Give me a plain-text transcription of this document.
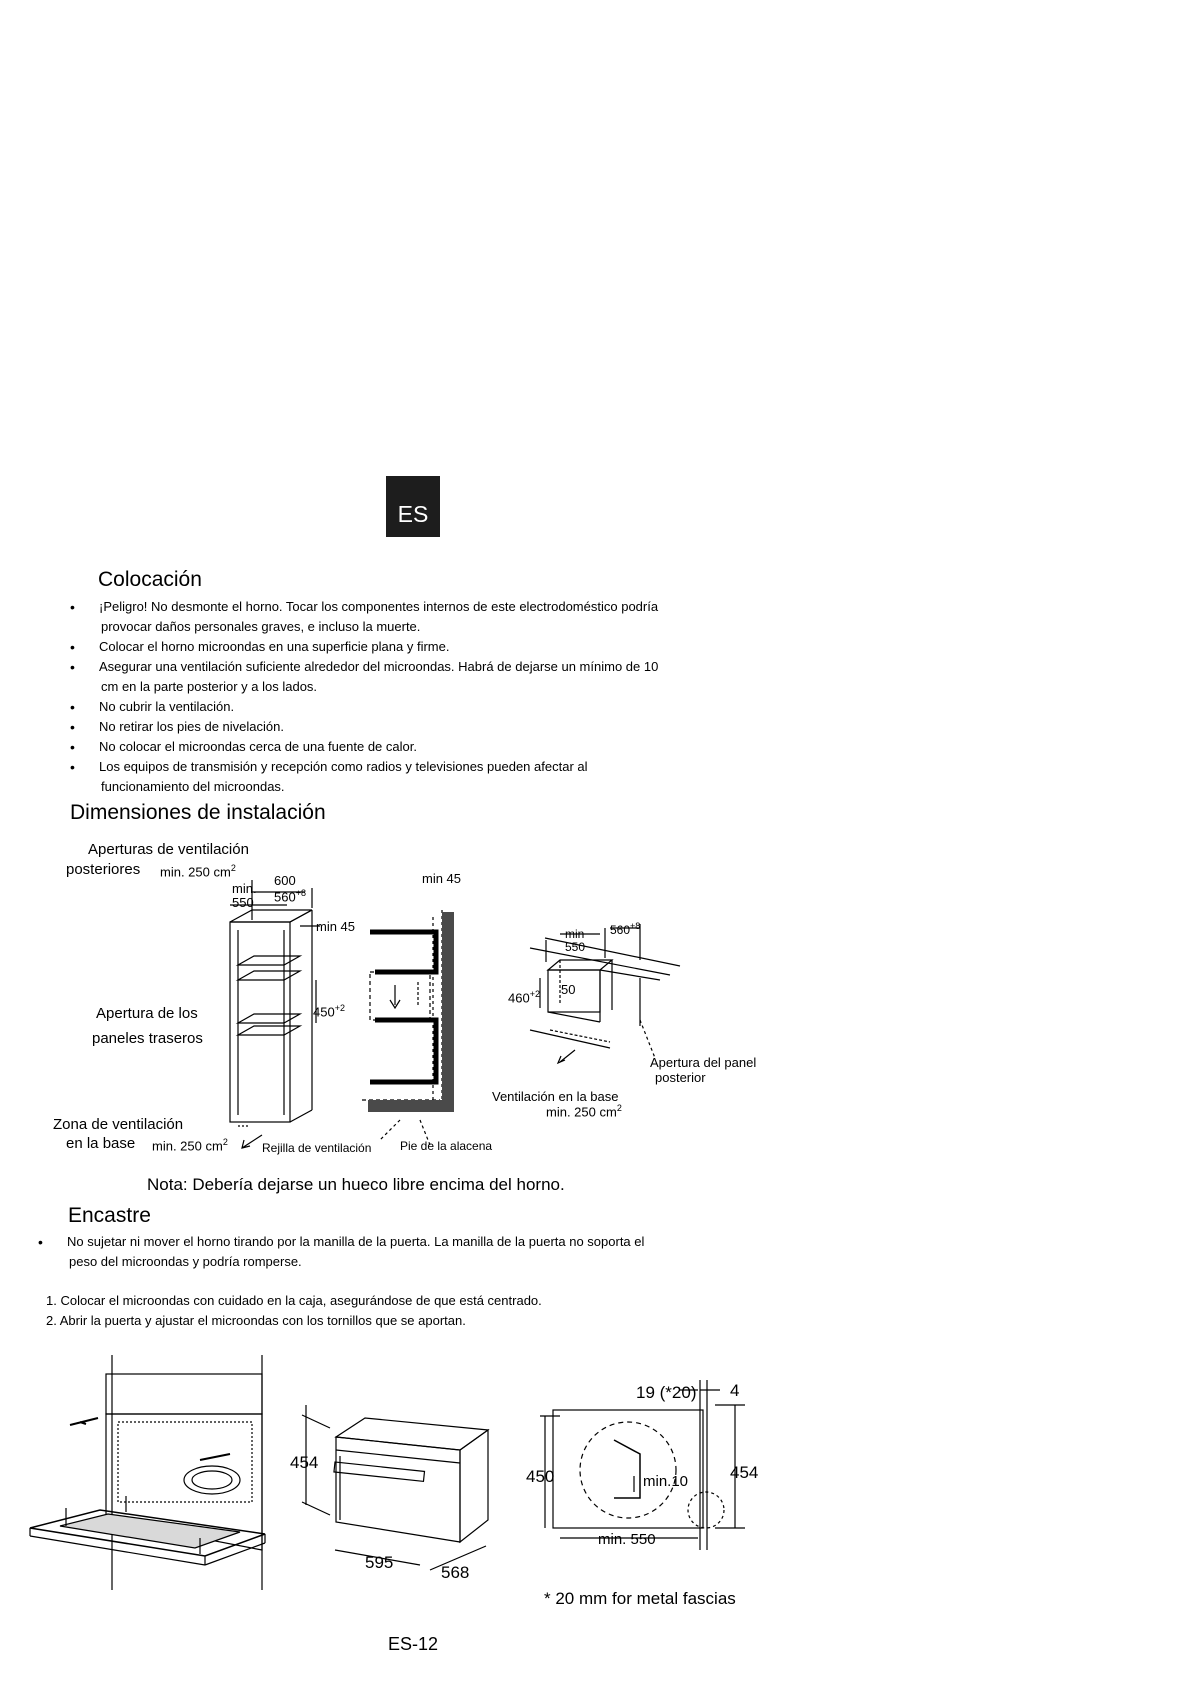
ES
Colocación
• ¡Peligro! No desmonte el horno. Tocar los componentes internos de este electrodoméstico podría
provocar daños personales graves, e incluso la muerte.
• Colocar el horno microondas en una superficie plana y firme.
• Asegurar una ventilación suficiente alrededor del microondas. Habrá de dejarse un mínimo de 10
cm en la parte posterior y a los lados.
• No cubrir la ventilación.
• No retirar los pies de nivelación.
• No colocar el microondas cerca de una fuente de calor.
• Los equipos de transmisión y recepción como radios y televisiones pueden afectar al
funcionamiento del microondas.
Dimensiones de instalación
Aperturas de ventilación
posteriores min. 250 $cm^2$
600
min.
$560^{+8}$
550
min 45
min 45
$450^{+2}$
Apertura de los
paneles traseros
Zona de ventilación
en la base min. 250 $cm^2$	Rejilla de ventilación Pie de la alacena
min
550
$560^{+8}$
$460^{+2}$ 50
Apertura del panel
posterior
Ventilación en la base
min. 250 $cm^2$
Nota: Debería dejarse un hueco libre encima del horno.
Encastre
• No sujetar ni mover el horno tirando por la manilla de la puerta. La manilla de la puerta no soporta el
peso del microondas y podría romperse.
1. Colocar el microondas con cuidado en la caja, asegurándose de que está centrado.
2. Abrir la puerta y ajustar el microondas con los tornillos que se aportan.
454
595
568
19 (*20) 4
450	454
min.10
min. 550
* 20 mm for metal fascias
ES-12
